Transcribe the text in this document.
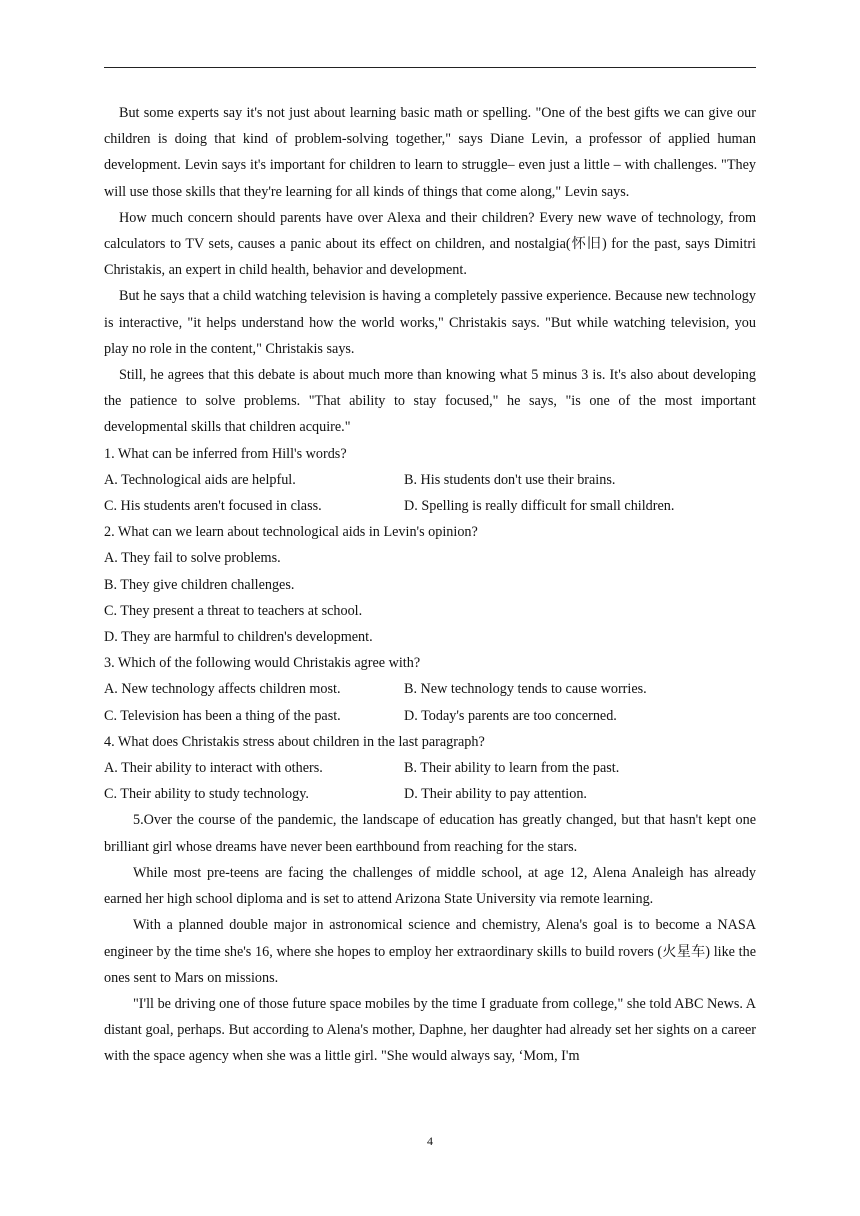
But some experts say it's not just about learning basic math or spelling. "One of the best gifts we can give our children is doing that kind of problem-solving together," says Diane Levin, a professor of applied human development. Levin says it's important for children to learn to struggle– even just a little – with challenges. "They will use those skills that they're learning for all kinds of things that come along," Levin says.

How much concern should parents have over Alexa and their children? Every new wave of technology, from calculators to TV sets, causes a panic about its effect on children, and nostalgia(怀旧) for the past, says Dimitri Christakis, an expert in child health, behavior and development.

But he says that a child watching television is having a completely passive experience. Because new technology is interactive, "it helps understand how the world works," Christakis says. "But while watching television, you play no role in the content," Christakis says.

Still, he agrees that this debate is about much more than knowing what 5 minus 3 is. It's also about developing the patience to solve problems. "That ability to stay focused," he says, "is one of the most important developmental skills that children acquire."

1. What can be inferred from Hill's words?

A. Technological aids are helpful.	B. His students don't use their brains.
C. His students aren't focused in class.	D. Spelling is really difficult for small children.

2. What can we learn about technological aids in Levin's opinion?

A. They fail to solve problems.

B. They give children challenges.

C. They present a threat to teachers at school.

D. They are harmful to children's development.

3. Which of the following would Christakis agree with?

A. New technology affects children most.	B. New technology tends to cause worries.
C. Television has been a thing of the past.	D. Today's parents are too concerned.

4. What does Christakis stress about children in the last paragraph?

A. Their ability to interact with others.	B. Their ability to learn from the past.
C. Their ability to study technology.	D. Their ability to pay attention.

5.Over the course of the pandemic, the landscape of education has greatly changed, but that hasn't kept one brilliant girl whose dreams have never been earthbound from reaching for the stars.

While most pre-teens are facing the challenges of middle school, at age 12, Alena Analeigh has already earned her high school diploma and is set to attend Arizona State University via remote learning.

With a planned double major in astronomical science and chemistry, Alena's goal is to become a NASA engineer by the time she's 16, where she hopes to employ her extraordinary skills to build rovers (火星车) like the ones sent to Mars on missions.

"I'll be driving one of those future space mobiles by the time I graduate from college," she told ABC News. A distant goal, perhaps. But according to Alena's mother, Daphne, her daughter had already set her sights on a career with the space agency when she was a little girl. "She would always say, ‘Mom, I'm

4
